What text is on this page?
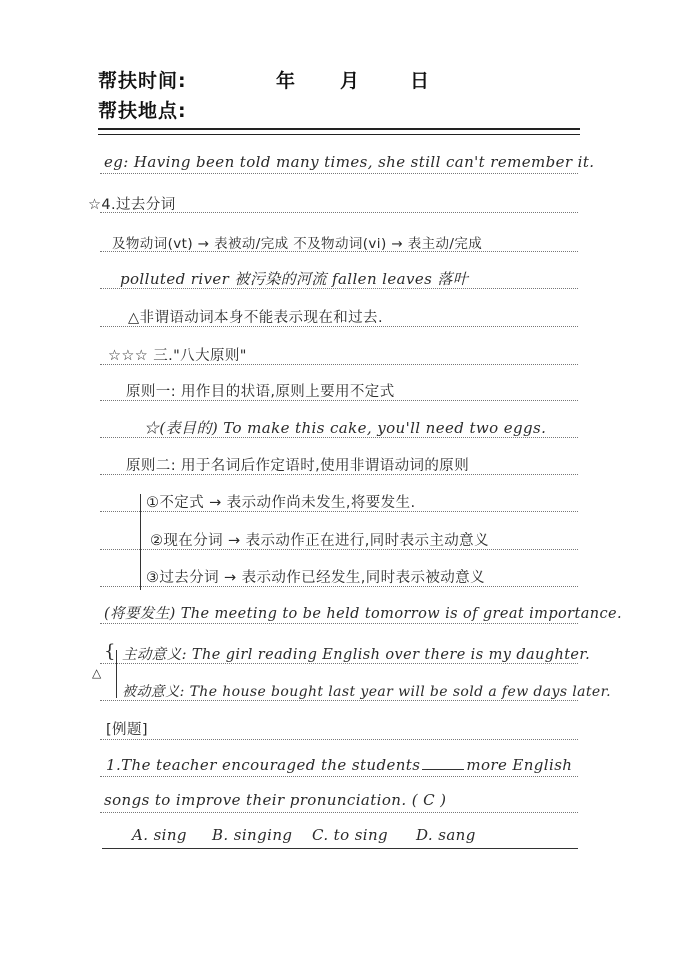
帮扶时间:	年 月	日
帮扶地点:
eg: Having been told many times, she still can't remember it.
☆4.过去分词
及物动词(vt) → 表被动/完成 不及物动词(vi) → 表主动/完成
polluted river 被污染的河流 fallen leaves 落叶
△非谓语动词本身不能表示现在和过去.
☆☆☆ 三."八大原则"
原则一: 用作目的状语,原则上要用不定式
☆(表目的) To make this cake, you'll need two eggs.
原则二: 用于名词后作定语时,使用非谓语动词的原则
①不定式 → 表示动作尚未发生,将要发生.
②现在分词 → 表示动作正在进行,同时表示主动意义
③过去分词 → 表示动作已经发生,同时表示被动意义
(将要发生) The meeting to be held tomorrow is of great importance.
{
△
主动意义: The girl reading English over there is my daughter.
被动意义: The house bought last year will be sold a few days later.
[例题]
1.The teacher encouraged the students	more English
songs to improve their pronunciation. ( C )
A. sing B. singing C. to sing D. sang
